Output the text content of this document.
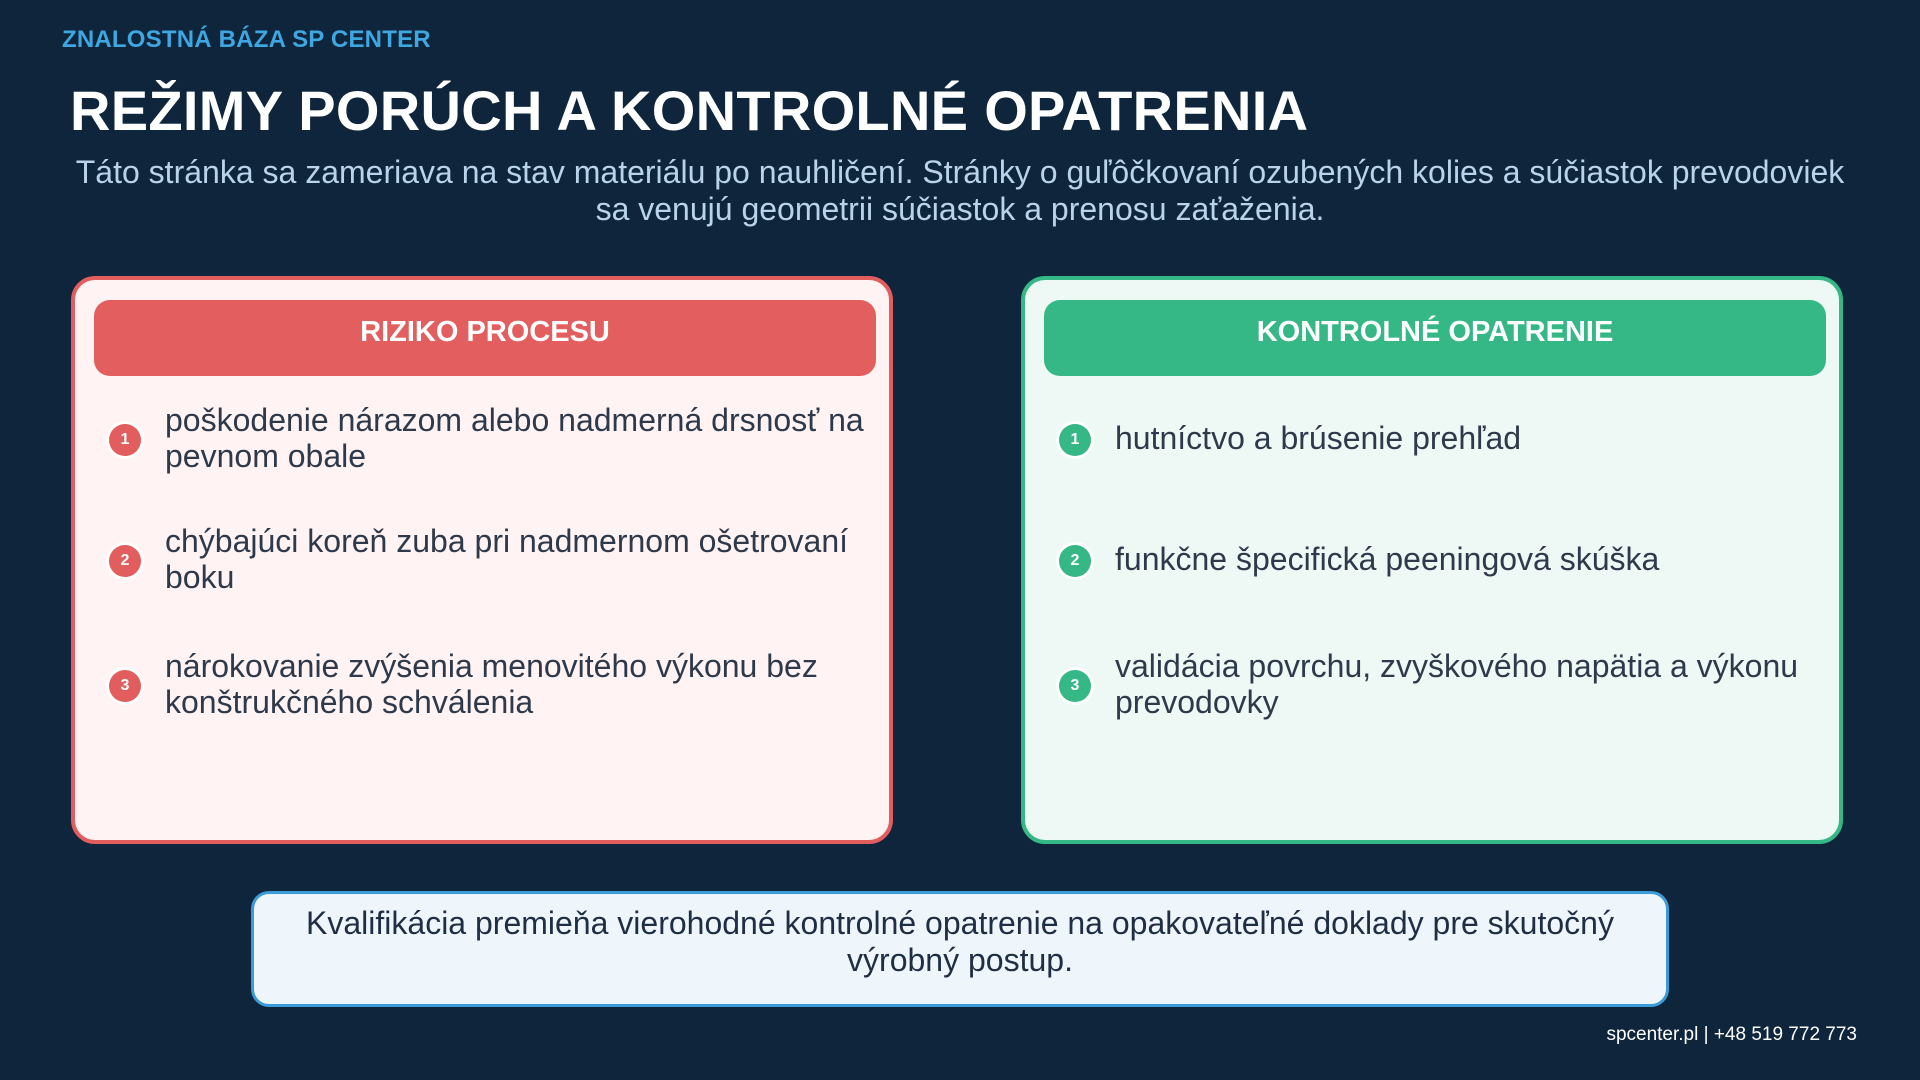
ZNALOSTNÁ BÁZA SP CENTER
REŽIMY PORÚCH A KONTROLNÉ OPATRENIA
Táto stránka sa zameriava na stav materiálu po nauhličení. Stránky o guľôčkovaní ozubených kolies a súčiastok prevodoviek
sa venujú geometrii súčiastok a prenosu zaťaženia.
RIZIKO PROCESU
1
poškodenie nárazom alebo nadmerná drsnosť na
pevnom obale
2
chýbajúci koreň zuba pri nadmernom ošetrovaní
boku
3
nárokovanie zvýšenia menovitého výkonu bez
konštrukčného schválenia
KONTROLNÉ OPATRENIE
1	hutníctvo a brúsenie prehľad
2	funkčne špecifická peeningová skúška
3
validácia povrchu, zvyškového napätia a výkonu
prevodovky
Kvalifikácia premieňa vierohodné kontrolné opatrenie na opakovateľné doklady pre skutočný
výrobný postup.
spcenter.pl | +48 519 772 773
